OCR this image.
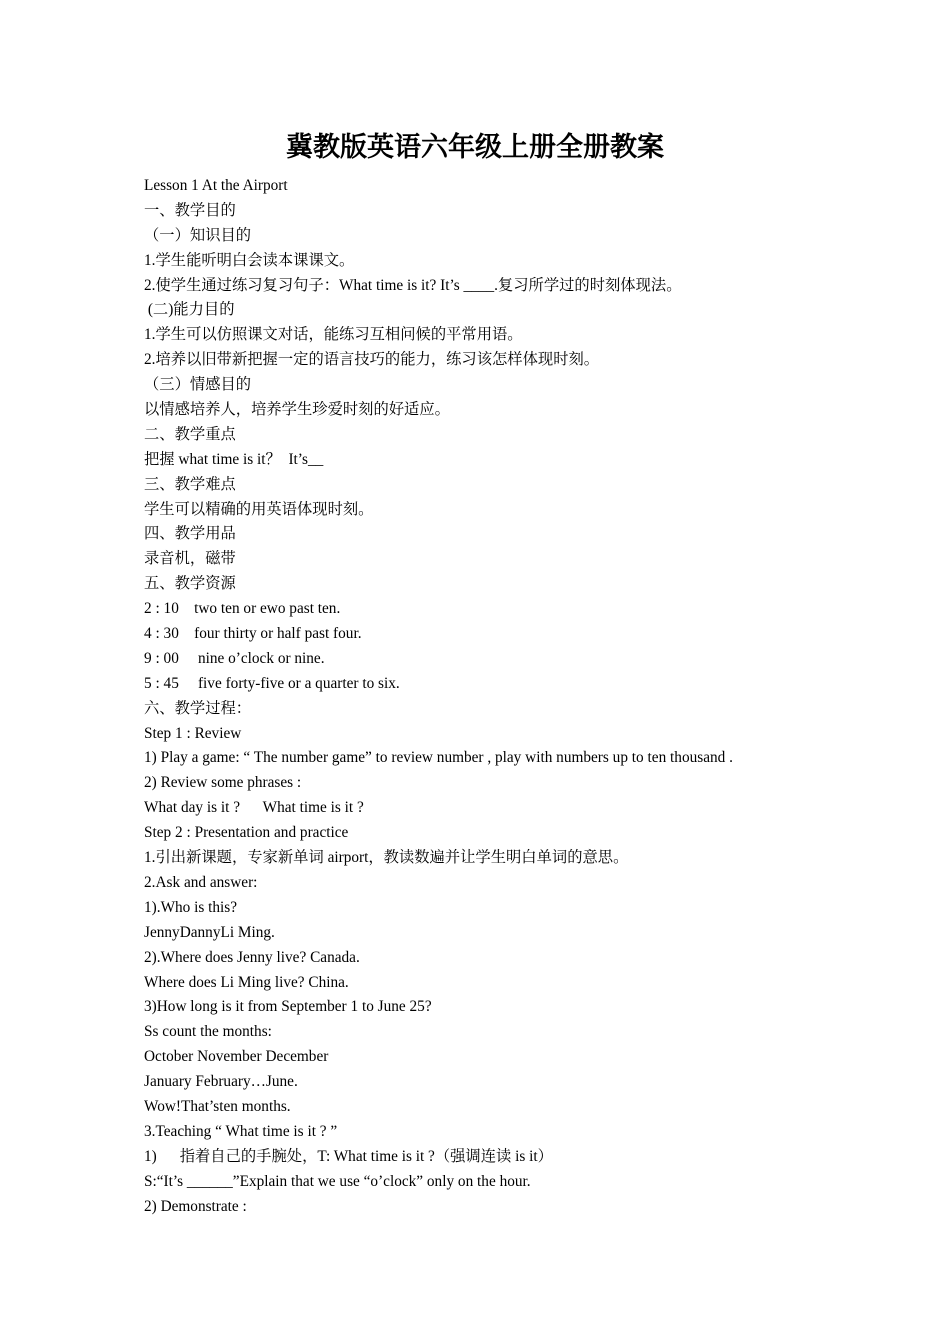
冀教版英语六年级上册全册教案
Lesson 1 At the Airport
一、教学目的
（一）知识目的
1.学生能听明白会读本课课文。
2.使学生通过练习复习句子：What time is it? It’s ____.复习所学过的时刻体现法。
(二)能力目的
1.学生可以仿照课文对话，能练习互相问候的平常用语。
2.培养以旧带新把握一定的语言技巧的能力，练习该怎样体现时刻。
（三）情感目的
以情感培养人，培养学生珍爱时刻的好适应。
二、教学重点
把握 what time is it？  It’s__
三、教学难点
学生可以精确的用英语体现时刻。
四、教学用品
录音机，磁带
五、教学资源
2 : 10    two ten or ewo past ten.
4 : 30    four thirty or half past four.
9 : 00     nine o’clock or nine.
5 : 45     five forty-five or a quarter to six.
六、教学过程：
Step 1 : Review
1) Play a game: “ The number game” to review number , play with numbers up to ten thousand .
2) Review some phrases :
What day is it ?      What time is it ?
Step 2 : Presentation and practice
1.引出新课题，专家新单词 airport，教读数遍并让学生明白单词的意思。
2.Ask and answer:
1).Who is this?
JennyDannyLi Ming.
2).Where does Jenny live? Canada.
Where does Li Ming live? China.
3)How long is it from September 1 to June 25?
Ss count the months:
October November December
January February…June.
Wow!That’sten months.
3.Teaching “ What time is it ? ”
1)      指着自己的手腕处，T: What time is it ?（强调连读 is it）
S:“It’s ______”Explain that we use “o’clock” only on the hour.
2) Demonstrate :
